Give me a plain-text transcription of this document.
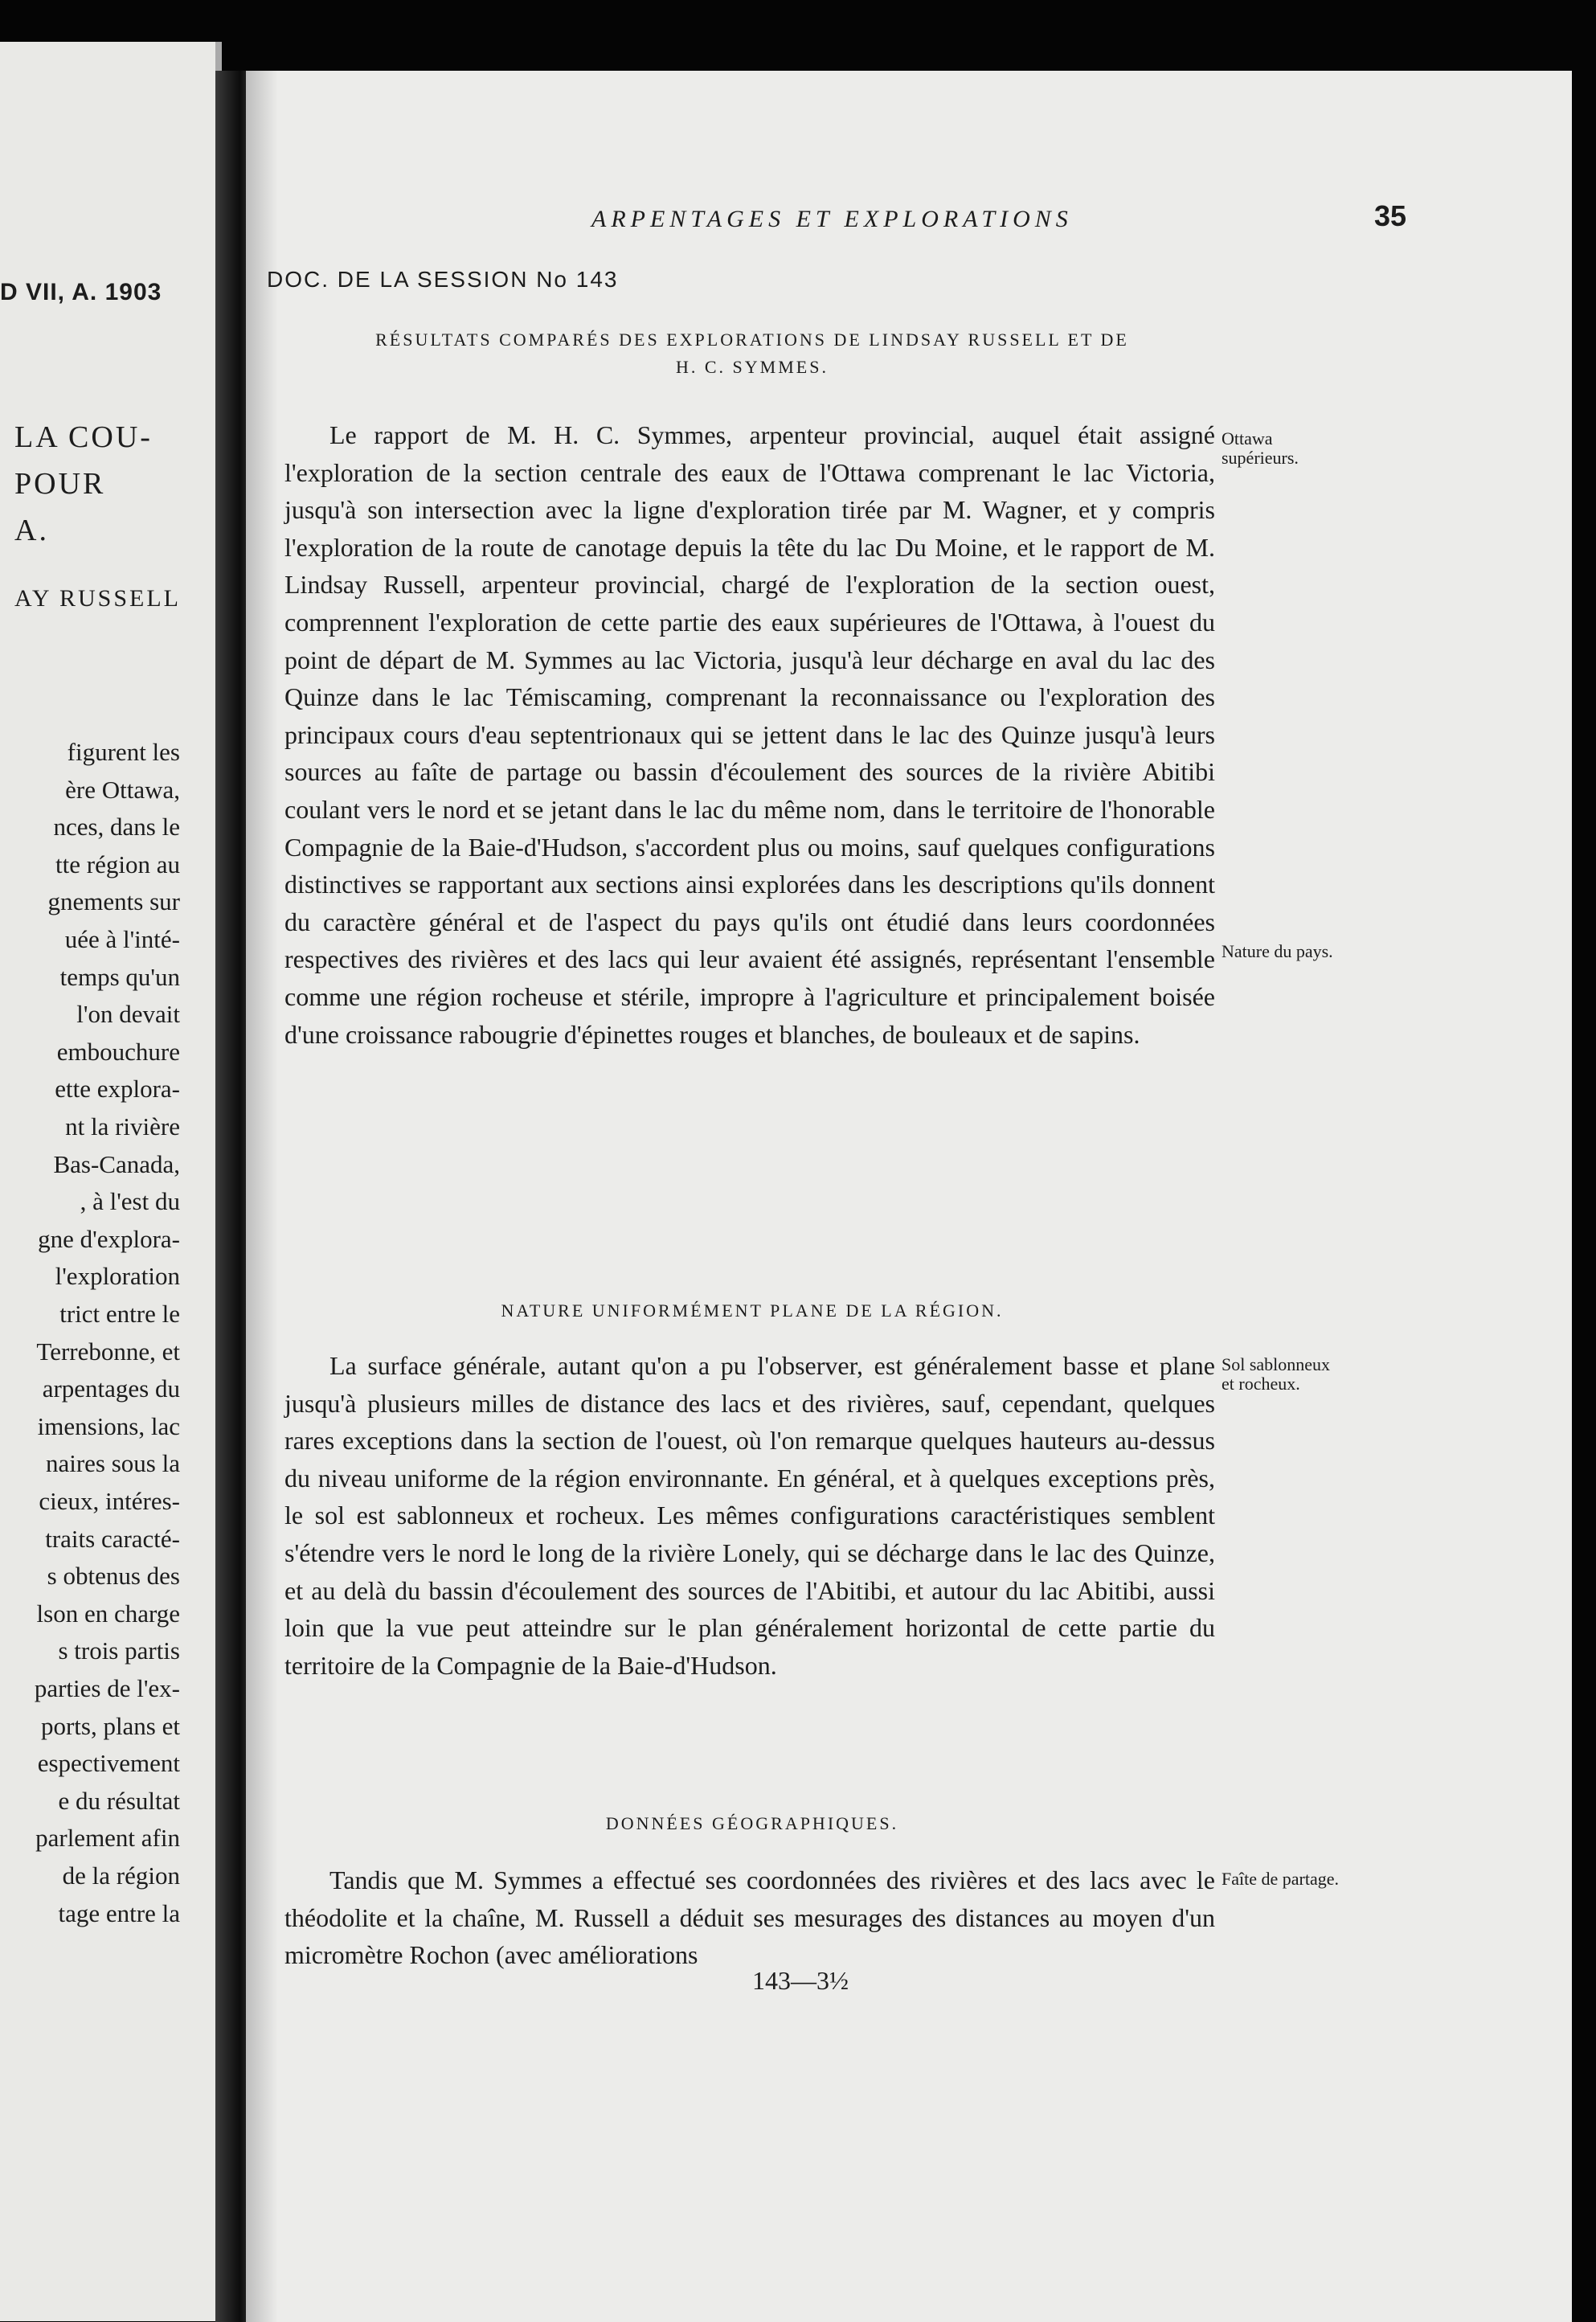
D VII, A. 1903
LA COU-
POUR
A.
AY RUSSELL
figurent les
ère Ottawa,
nces, dans le
tte région au
gnements sur
uée à l'inté-
temps qu'un
l'on devait
embouchure
ette explora-
nt la rivière
Bas-Canada,
, à l'est du
gne d'explora-
l'exploration
trict entre le
Terrebonne, et
arpentages du
imensions, lac
naires sous la
cieux, intéres-
traits caracté-
s obtenus des
lson en charge
s trois partis
parties de l'ex-
ports, plans et
espectivement
e du résultat
parlement afin
de la région
tage entre la
ARPENTAGES ET EXPLORATIONS	35
DOC. DE LA SESSION No 143
RÉSULTATS COMPARÉS DES EXPLORATIONS DE LINDSAY RUSSELL ET DE
H. C. SYMMES.

Le rapport de M. H. C. Symmes, arpenteur provincial, auquel était assigné l'exploration de la section centrale des eaux de l'Ottawa comprenant le lac Victoria, jusqu'à son intersection avec la ligne d'exploration tirée par M. Wagner, et y compris l'exploration de la route de canotage depuis la tête du lac Du Moine, et le rapport de M. Lindsay Russell, arpenteur provincial, chargé de l'exploration de la section ouest, comprennent l'exploration de cette partie des eaux supérieures de l'Ottawa, à l'ouest du point de départ de M. Symmes au lac Victoria, jusqu'à leur décharge en aval du lac des Quinze dans le lac Témiscaming, comprenant la reconnaissance ou l'exploration des principaux cours d'eau septentrionaux qui se jettent dans le lac des Quinze jusqu'à leurs sources au faîte de partage ou bassin d'écoulement des sources de la rivière Abitibi coulant vers le nord et se jetant dans le lac du même nom, dans le territoire de l'honorable Compagnie de la Baie-d'Hudson, s'accordent plus ou moins, sauf quelques configurations distinctives se rapportant aux sections ainsi explorées dans les descriptions qu'ils donnent du caractère général et de l'aspect du pays qu'ils ont étudié dans leurs coordonnées respectives des rivières et des lacs qui leur avaient été assignés, représentant l'ensemble comme une région rocheuse et stérile, impropre à l'agriculture et principalement boisée d'une croissance rabougrie d'épinettes rouges et blanches, de bouleaux et de sapins.

Ottawa supérieurs.
Nature du pays.
NATURE UNIFORMÉMENT PLANE DE LA RÉGION.

La surface générale, autant qu'on a pu l'observer, est généralement basse et plane jusqu'à plusieurs milles de distance des lacs et des rivières, sauf, cependant, quelques rares exceptions dans la section de l'ouest, où l'on remarque quelques hauteurs au-dessus du niveau uniforme de la région environnante. En général, et à quelques exceptions près, le sol est sablonneux et rocheux. Les mêmes configurations caractéristiques semblent s'étendre vers le nord le long de la rivière Lonely, qui se décharge dans le lac des Quinze, et au delà du bassin d'écoulement des sources de l'Abitibi, et autour du lac Abitibi, aussi loin que la vue peut atteindre sur le plan généralement horizontal de cette partie du territoire de la Compagnie de la Baie-d'Hudson.

Sol sablonneux et rocheux.
DONNÉES GÉOGRAPHIQUES.

Tandis que M. Symmes a effectué ses coordonnées des rivières et des lacs avec le théodolite et la chaîne, M. Russell a déduit ses mesurages des distances au moyen d'un micromètre Rochon (avec améliorations

Faîte de partage.
143—3½
